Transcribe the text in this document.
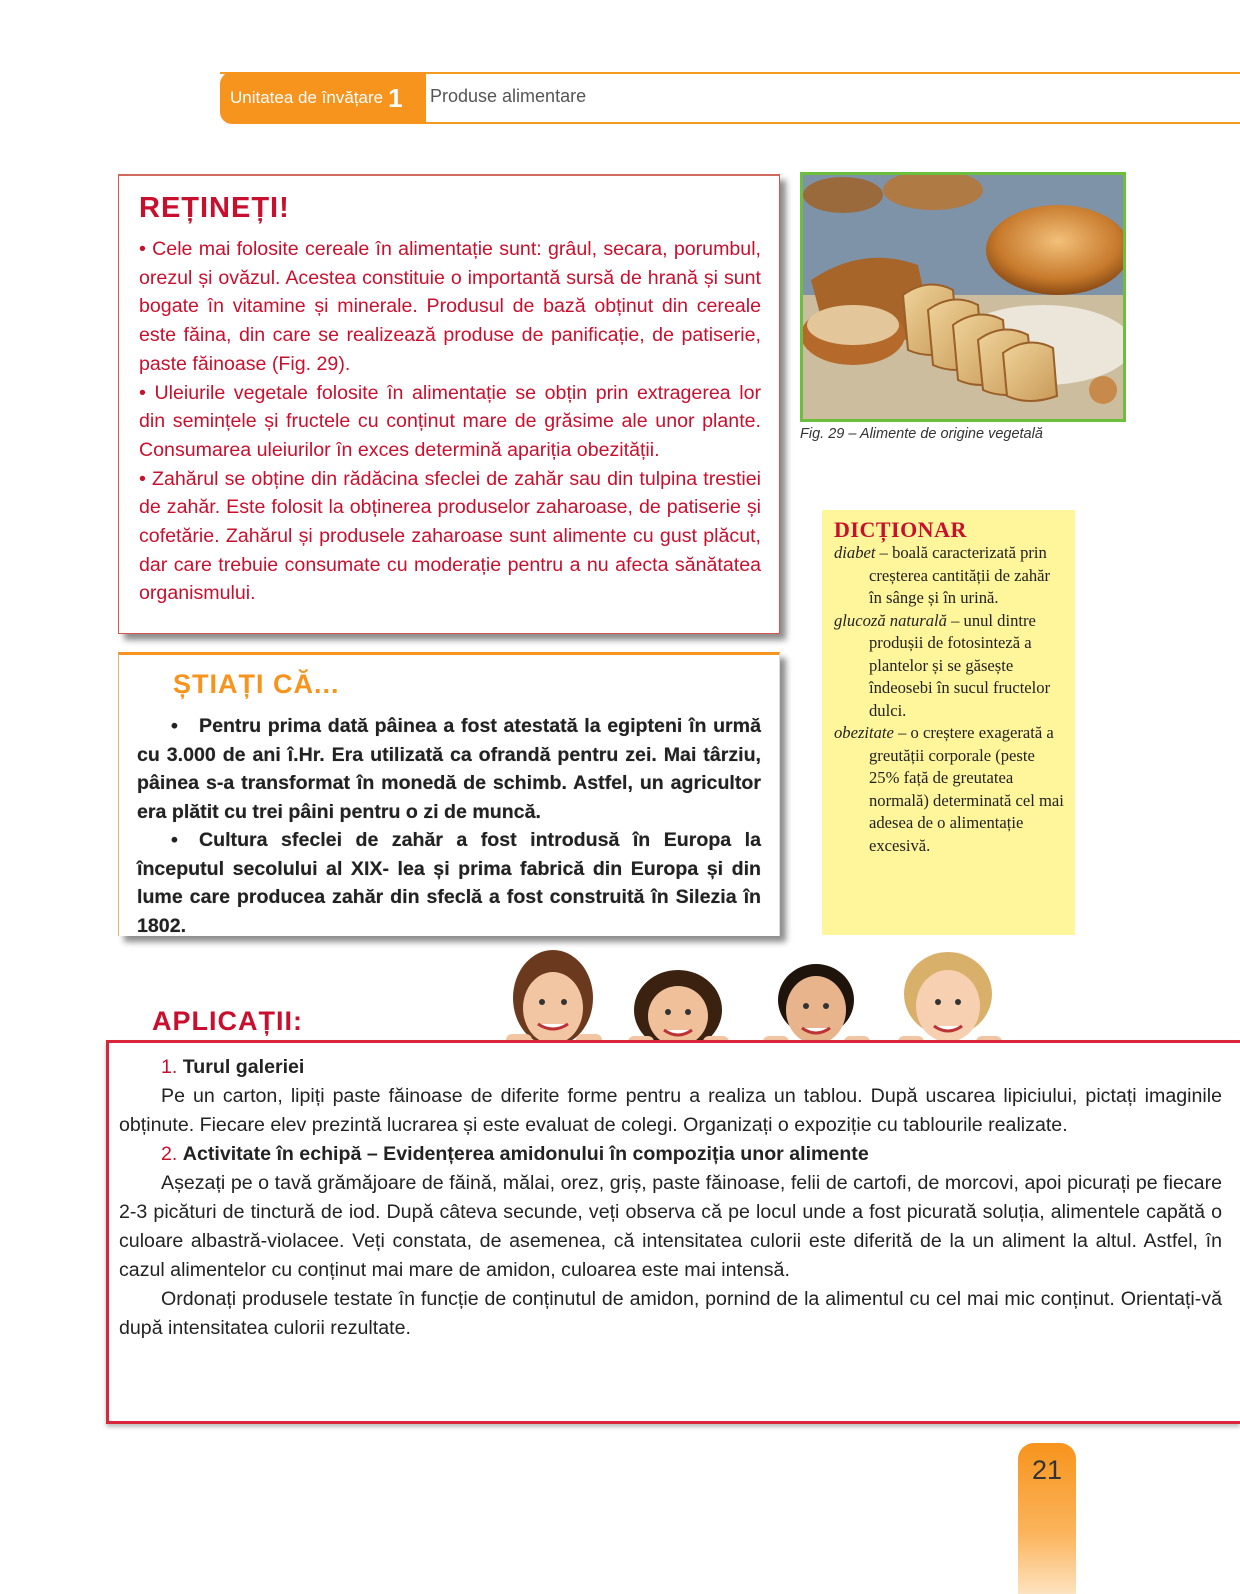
Unitatea de învățare 1 Produse alimentare
REȚINEȚI!

• Cele mai folosite cereale în alimentație sunt: grâul, secara, porumbul, orezul și ovăzul. Acestea constituie o importantă sursă de hrană și sunt bogate în vitamine și minerale. Produsul de bază obținut din cereale este făina, din care se realizează produse de panificație, de patiserie, paste făinoase (Fig. 29).

• Uleiurile vegetale folosite în alimentație se obțin prin extragerea lor din semințele și fructele cu conținut mare de grăsime ale unor plante. Consumarea uleiurilor în exces determină apariția obezității.

• Zahărul se obține din rădăcina sfeclei de zahăr sau din tulpina trestiei de zahăr. Este folosit la obținerea produselor zaharoase, de patiserie și cofetărie. Zahărul și produsele zaharoase sunt alimente cu gust plăcut, dar care trebuie consumate cu moderație pentru a nu afecta sănătatea organismului.

Fig. 29 – Alimente de origine vegetală
ȘTIAȚI CĂ...

• Pentru prima dată pâinea a fost atestată la egipteni în urmă cu 3.000 de ani î.Hr. Era utilizată ca ofrandă pentru zei. Mai târziu, pâinea s-a transformat în monedă de schimb. Astfel, un agricultor era plătit cu trei pâini pentru o zi de muncă.

• Cultura sfeclei de zahăr a fost introdusă în Europa la începutul secolului al XIX- lea și prima fabrică din Europa și din lume care producea zahăr din sfeclă a fost construită în Silezia în 1802.

DICȚIONAR
diabet – boală caracterizată prin creșterea cantității de zahăr în sânge și în urină.
glucoză naturală – unul dintre produșii de fotosinteză a plantelor și se găsește îndeosebi în sucul fructelor dulci.
obezitate – o creștere exagerată a greutății corporale (peste 25% față de greutatea normală) determinată cel mai adesea de o alimentație excesivă.
APLICAȚII:

1. Turul galeriei

Pe un carton, lipiți paste făinoase de diferite forme pentru a realiza un tablou. După uscarea lipiciului, pictați imaginile obținute. Fiecare elev prezintă lucrarea și este evaluat de colegi. Organizați o expoziție cu tablourile realizate.

2. Activitate în echipă – Evidențerea amidonului în compoziția unor alimente

Așezați pe o tavă grămăjoare de făină, mălai, orez, griș, paste făinoase, felii de cartofi, de morcovi, apoi picurați pe fiecare 2-3 picături de tinctură de iod. După câteva secunde, veți observa că pe locul unde a fost picurată soluția, alimentele capătă o culoare albastră-violacee. Veți constata, de asemenea, că intensitatea culorii este diferită de la un aliment la altul. Astfel, în cazul alimentelor cu conținut mai mare de amidon, culoarea este mai intensă.

Ordonați produsele testate în funcție de conținutul de amidon, pornind de la alimentul cu cel mai mic conținut. Orientați-vă după intensitatea culorii rezultate.

21
